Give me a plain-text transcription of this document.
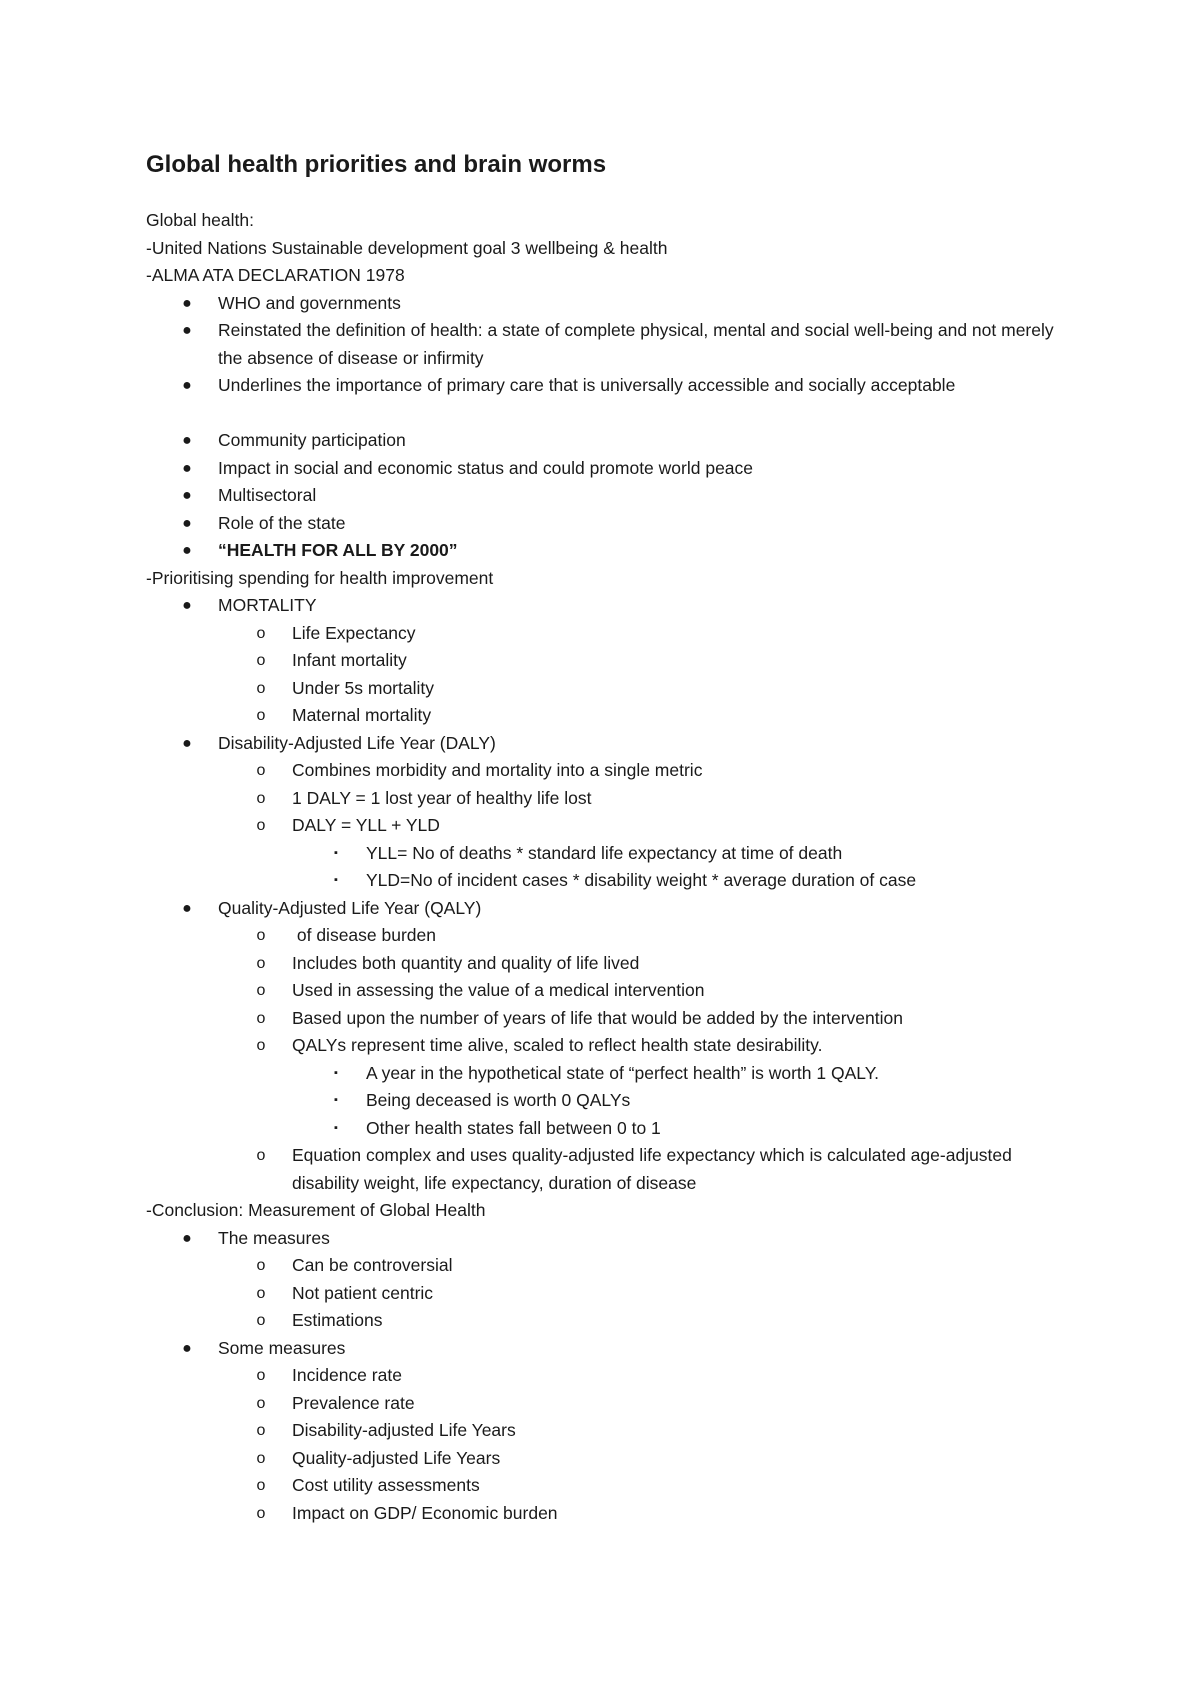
Global health priorities and brain worms
Global health:
-United Nations Sustainable development goal 3 wellbeing & health
-ALMA ATA DECLARATION 1978
● WHO and governments
● Reinstated the definition of health: a state of complete physical, mental and social well-being and not merely the absence of disease or infirmity
● Underlines the importance of primary care that is universally accessible and socially acceptable
● Community participation
● Impact in social and economic status and could promote world peace
● Multisectoral
● Role of the state
● “HEALTH FOR ALL BY 2000”
-Prioritising spending for health improvement
● MORTALITY
o Life Expectancy
o Infant mortality
o Under 5s mortality
o Maternal mortality
● Disability-Adjusted Life Year (DALY)
o Combines morbidity and mortality into a single metric
o 1 DALY = 1 lost year of healthy life lost
o DALY = YLL + YLD
▪ YLL= No of deaths * standard life expectancy at time of death
▪ YLD=No of incident cases * disability weight * average duration of case
● Quality-Adjusted Life Year (QALY)
o of disease burden
o Includes both quantity and quality of life lived
o Used in assessing the value of a medical intervention
o Based upon the number of years of life that would be added by the intervention
o QALYs represent time alive, scaled to reflect health state desirability.
▪ A year in the hypothetical state of “perfect health” is worth 1 QALY.
▪ Being deceased is worth 0 QALYs
▪ Other health states fall between 0 to 1
o Equation complex and uses quality-adjusted life expectancy which is calculated age-adjusted disability weight, life expectancy, duration of disease
-Conclusion: Measurement of Global Health
● The measures
o Can be controversial
o Not patient centric
o Estimations
● Some measures
o Incidence rate
o Prevalence rate
o Disability-adjusted Life Years
o Quality-adjusted Life Years
o Cost utility assessments
o Impact on GDP/ Economic burden
